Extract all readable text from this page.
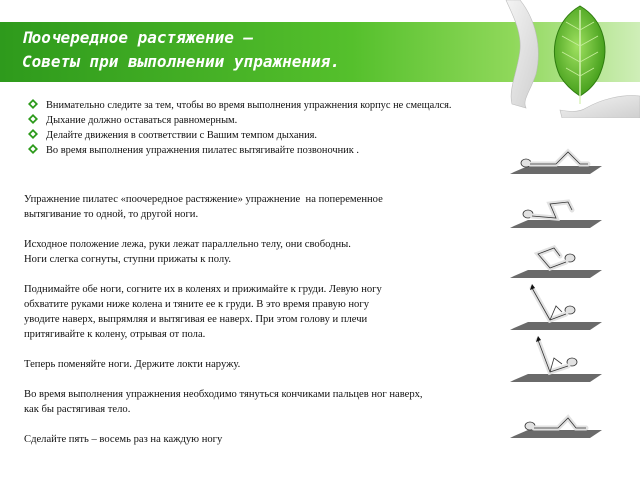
Поочередное растяжение –
Советы при выполнении упражнения.
Внимательно следите за тем, чтобы во время выполнения упражнения корпус не смещался.
Дыхание должно оставаться равномерным.
Делайте движения в соответствии с Вашим темпом дыхания.
Во время выполнения упражнения пилатес вытягивайте позвоночник .

Упражнение пилатес «поочередное растяжение» упражнение  на попеременное
вытягивание то одной, то другой ноги.

Исходное положение лежа, руки лежат параллельно телу, они свободны.
Ноги слегка согнуты, ступни прижаты к полу.

Поднимайте обе ноги, согните их в коленях и прижимайте к груди. Левую ногу
обхватите руками ниже колена и тяните ее к груди. В это время правую ногу
уводите наверх, выпрямляя и вытягивая ее наверх. При этом голову и плечи
притягивайте к колену, отрывая от пола.

Теперь поменяйте ноги. Держите локти наружу.

Во время выполнения упражнения необходимо тянуться кончиками пальцев ног наверх,
как бы растягивая тело.

Сделайте пять – восемь раз на каждую ногу
